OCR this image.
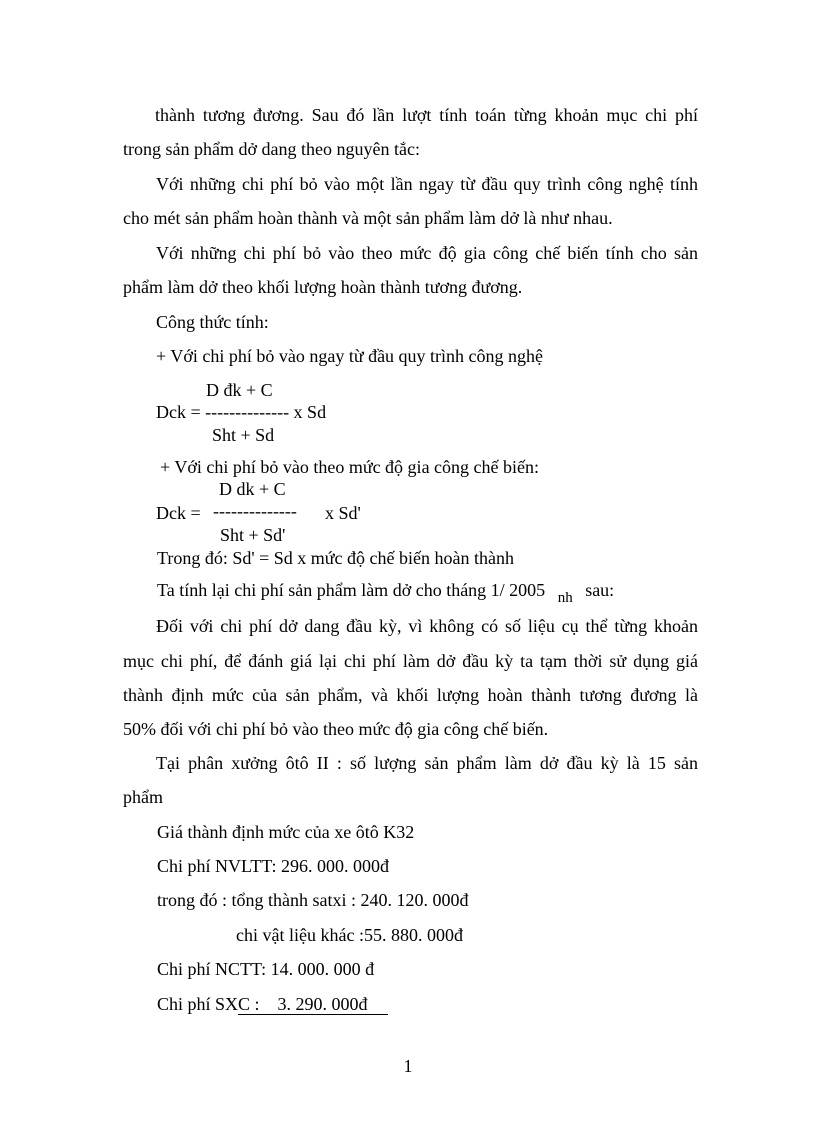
thành tương đương. Sau đó lần lượt tính toán từng khoản mục chi phí
trong sản phẩm dở dang theo nguyên tắc:
Với những chi phí bỏ vào một lần ngay từ đầu quy trình công nghệ tính
cho mét sản phẩm hoàn thành và một sản phẩm làm dở là như nhau.
Với những chi phí bỏ vào theo mức độ gia công chế biến tính cho sản
phẩm làm dở theo khối lượng hoàn thành tương đương.
Công thức tính:
+ Với chi phí bỏ vào ngay từ đầu quy trình công nghệ
D đk + C
Dck = -------------- x Sd
Sht + Sd
+ Với chi phí bỏ vào theo mức độ gia công chế biến:
D dk + C
Dck = -------------- x Sd'
Sht + Sd'
Trong đó: Sd' = Sd x mức độ chế biến hoàn thành
Ta tính lại chi phí sản phẩm làm dở cho tháng 1/ 2005 $_{nh}$ sau:
Đối với chi phí dở dang đầu kỳ, vì không có số liệu cụ thể từng khoản
mục chi phí, để đánh giá lại chi phí làm dở đầu kỳ ta tạm thời sử dụng giá
thành định mức của sản phẩm, và khối lượng hoàn thành tương đương là
50% đối với chi phí bỏ vào theo mức độ gia công chế biến.
Tại phân xưởng ôtô II : số lượng sản phẩm làm dở đầu kỳ là 15 sản
phẩm
Giá thành định mức của xe ôtô K32
Chi phí NVLTT: 296. 000. 000đ
trong đó : tổng thành satxi : 240. 120. 000đ
chi vật liệu khác :55. 880. 000đ
Chi phí NCTT: 14. 000. 000 đ
Chi phí SXC :    3. 290. 000đ
1
